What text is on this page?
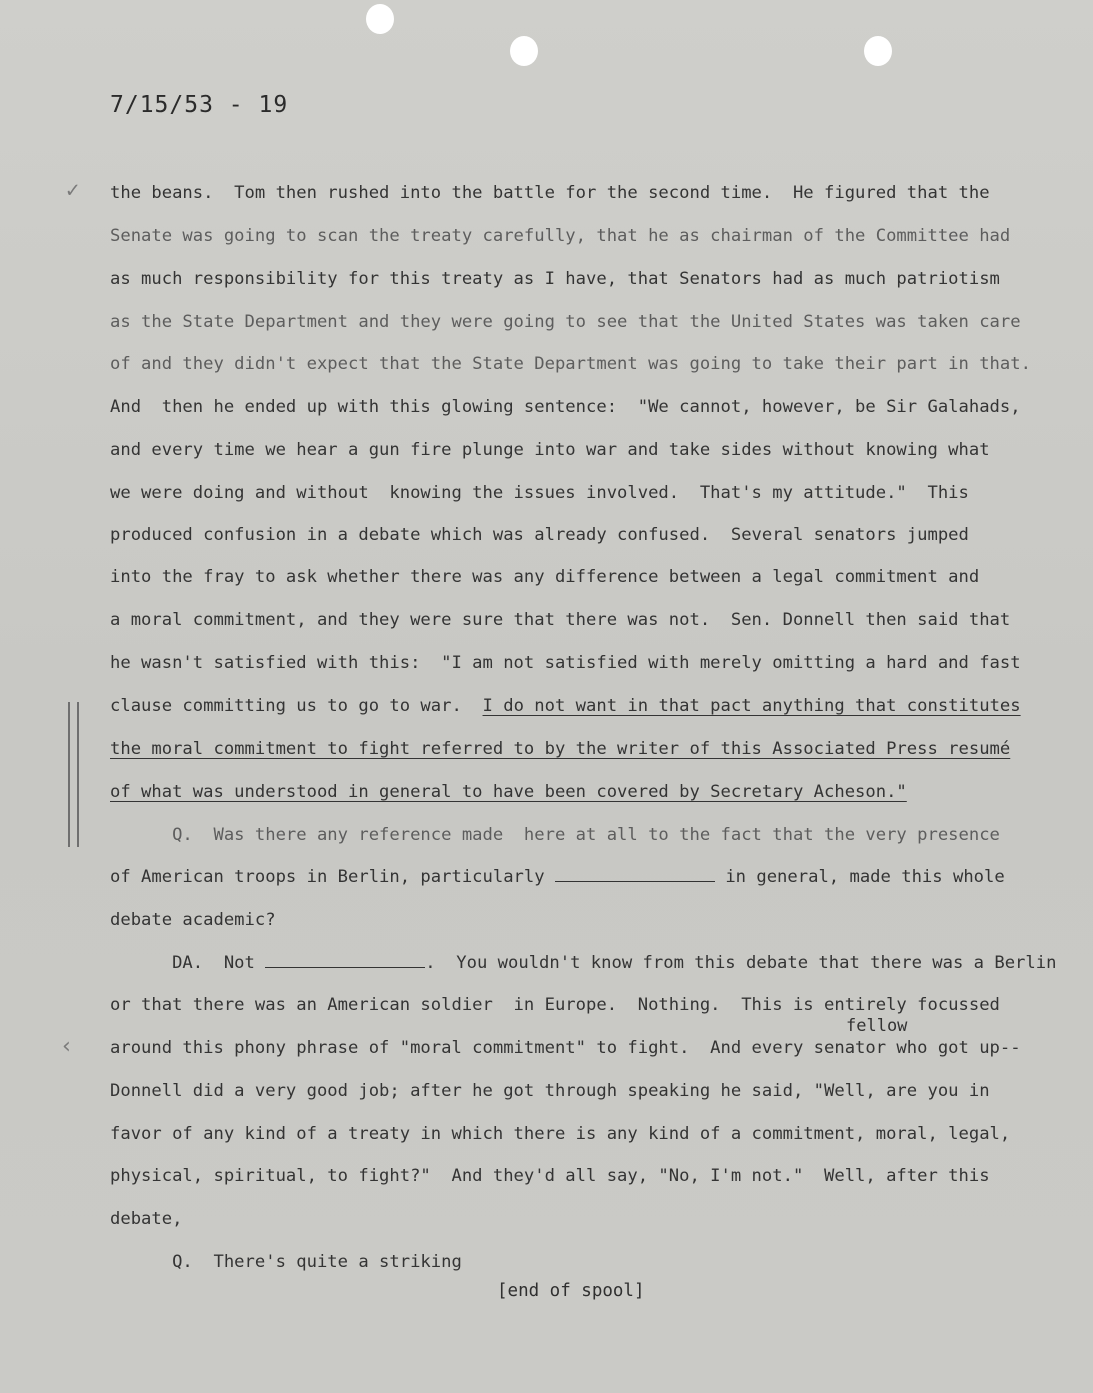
7/15/53 - 19
✓
‹
the beans.  Tom then rushed into the battle for the second time.  He figured that the
Senate was going to scan the treaty carefully, that he as chairman of the Committee had
as much responsibility for this treaty as I have, that Senators had as much patriotism
as the State Department and they were going to see that the United States was taken care
of and they didn't expect that the State Department was going to take their part in that.
And  then he ended up with this glowing sentence:  "We cannot, however, be Sir Galahads,
and every time we hear a gun fire plunge into war and take sides without knowing what
we were doing and without  knowing the issues involved.  That's my attitude."  This
produced confusion in a debate which was already confused.  Several senators jumped
into the fray to ask whether there was any difference between a legal commitment and
a moral commitment, and they were sure that there was not.  Sen. Donnell then said that
he wasn't satisfied with this:  "I am not satisfied with merely omitting a hard and fast
clause committing us to go to war.  I do not want in that pact anything that constitutes
the moral commitment to fight referred to by the writer of this Associated Press resumé
of what was understood in general to have been covered by Secretary Acheson."
Q.  Was there any reference made  here at all to the fact that the very presence
of American troops in Berlin, particularly	in general, made this whole
debate academic?
DA.  Not	.  You wouldn't know from this debate that there was a Berlin
or that there was an American soldier  in Europe.  Nothing.  This is entirely focussed
fellow
around this phony phrase of "moral commitment" to fight.  And every senator who got up--
Donnell did a very good job; after he got through speaking he said, "Well, are you in
favor of any kind of a treaty in which there is any kind of a commitment, moral, legal,
physical, spiritual, to fight?"  And they'd all say, "No, I'm not."  Well, after this
debate,
Q.  There's quite a striking
[end of spool]
